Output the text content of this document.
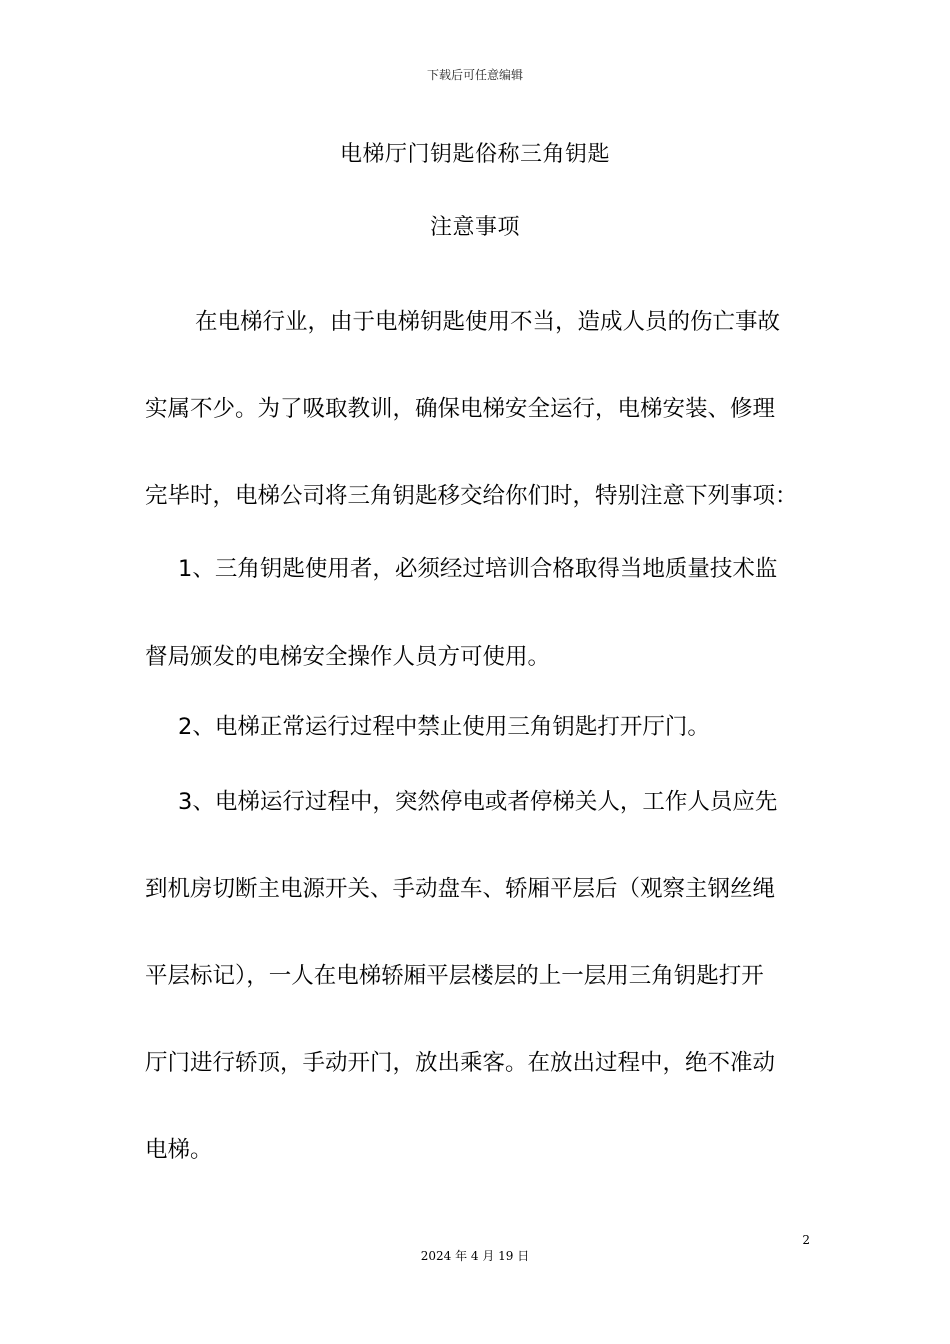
下载后可任意编辑
电梯厅门钥匙俗称三角钥匙
注意事项
在电梯行业，由于电梯钥匙使用不当，造成人员的伤亡事故
实属不少。为了吸取教训，确保电梯安全运行，电梯安装、修理
完毕时，电梯公司将三角钥匙移交给你们时，特别注意下列事项：
1、三角钥匙使用者，必须经过培训合格取得当地质量技术监
督局颁发的电梯安全操作人员方可使用。
2、电梯正常运行过程中禁止使用三角钥匙打开厅门。
3、电梯运行过程中，突然停电或者停梯关人，工作人员应先
到机房切断主电源开关、手动盘车、轿厢平层后（观察主钢丝绳
平层标记），一人在电梯轿厢平层楼层的上一层用三角钥匙打开
厅门进行轿顶，手动开门，放出乘客。在放出过程中，绝不准动
电梯。
2
2024 年 4 月 19 日
